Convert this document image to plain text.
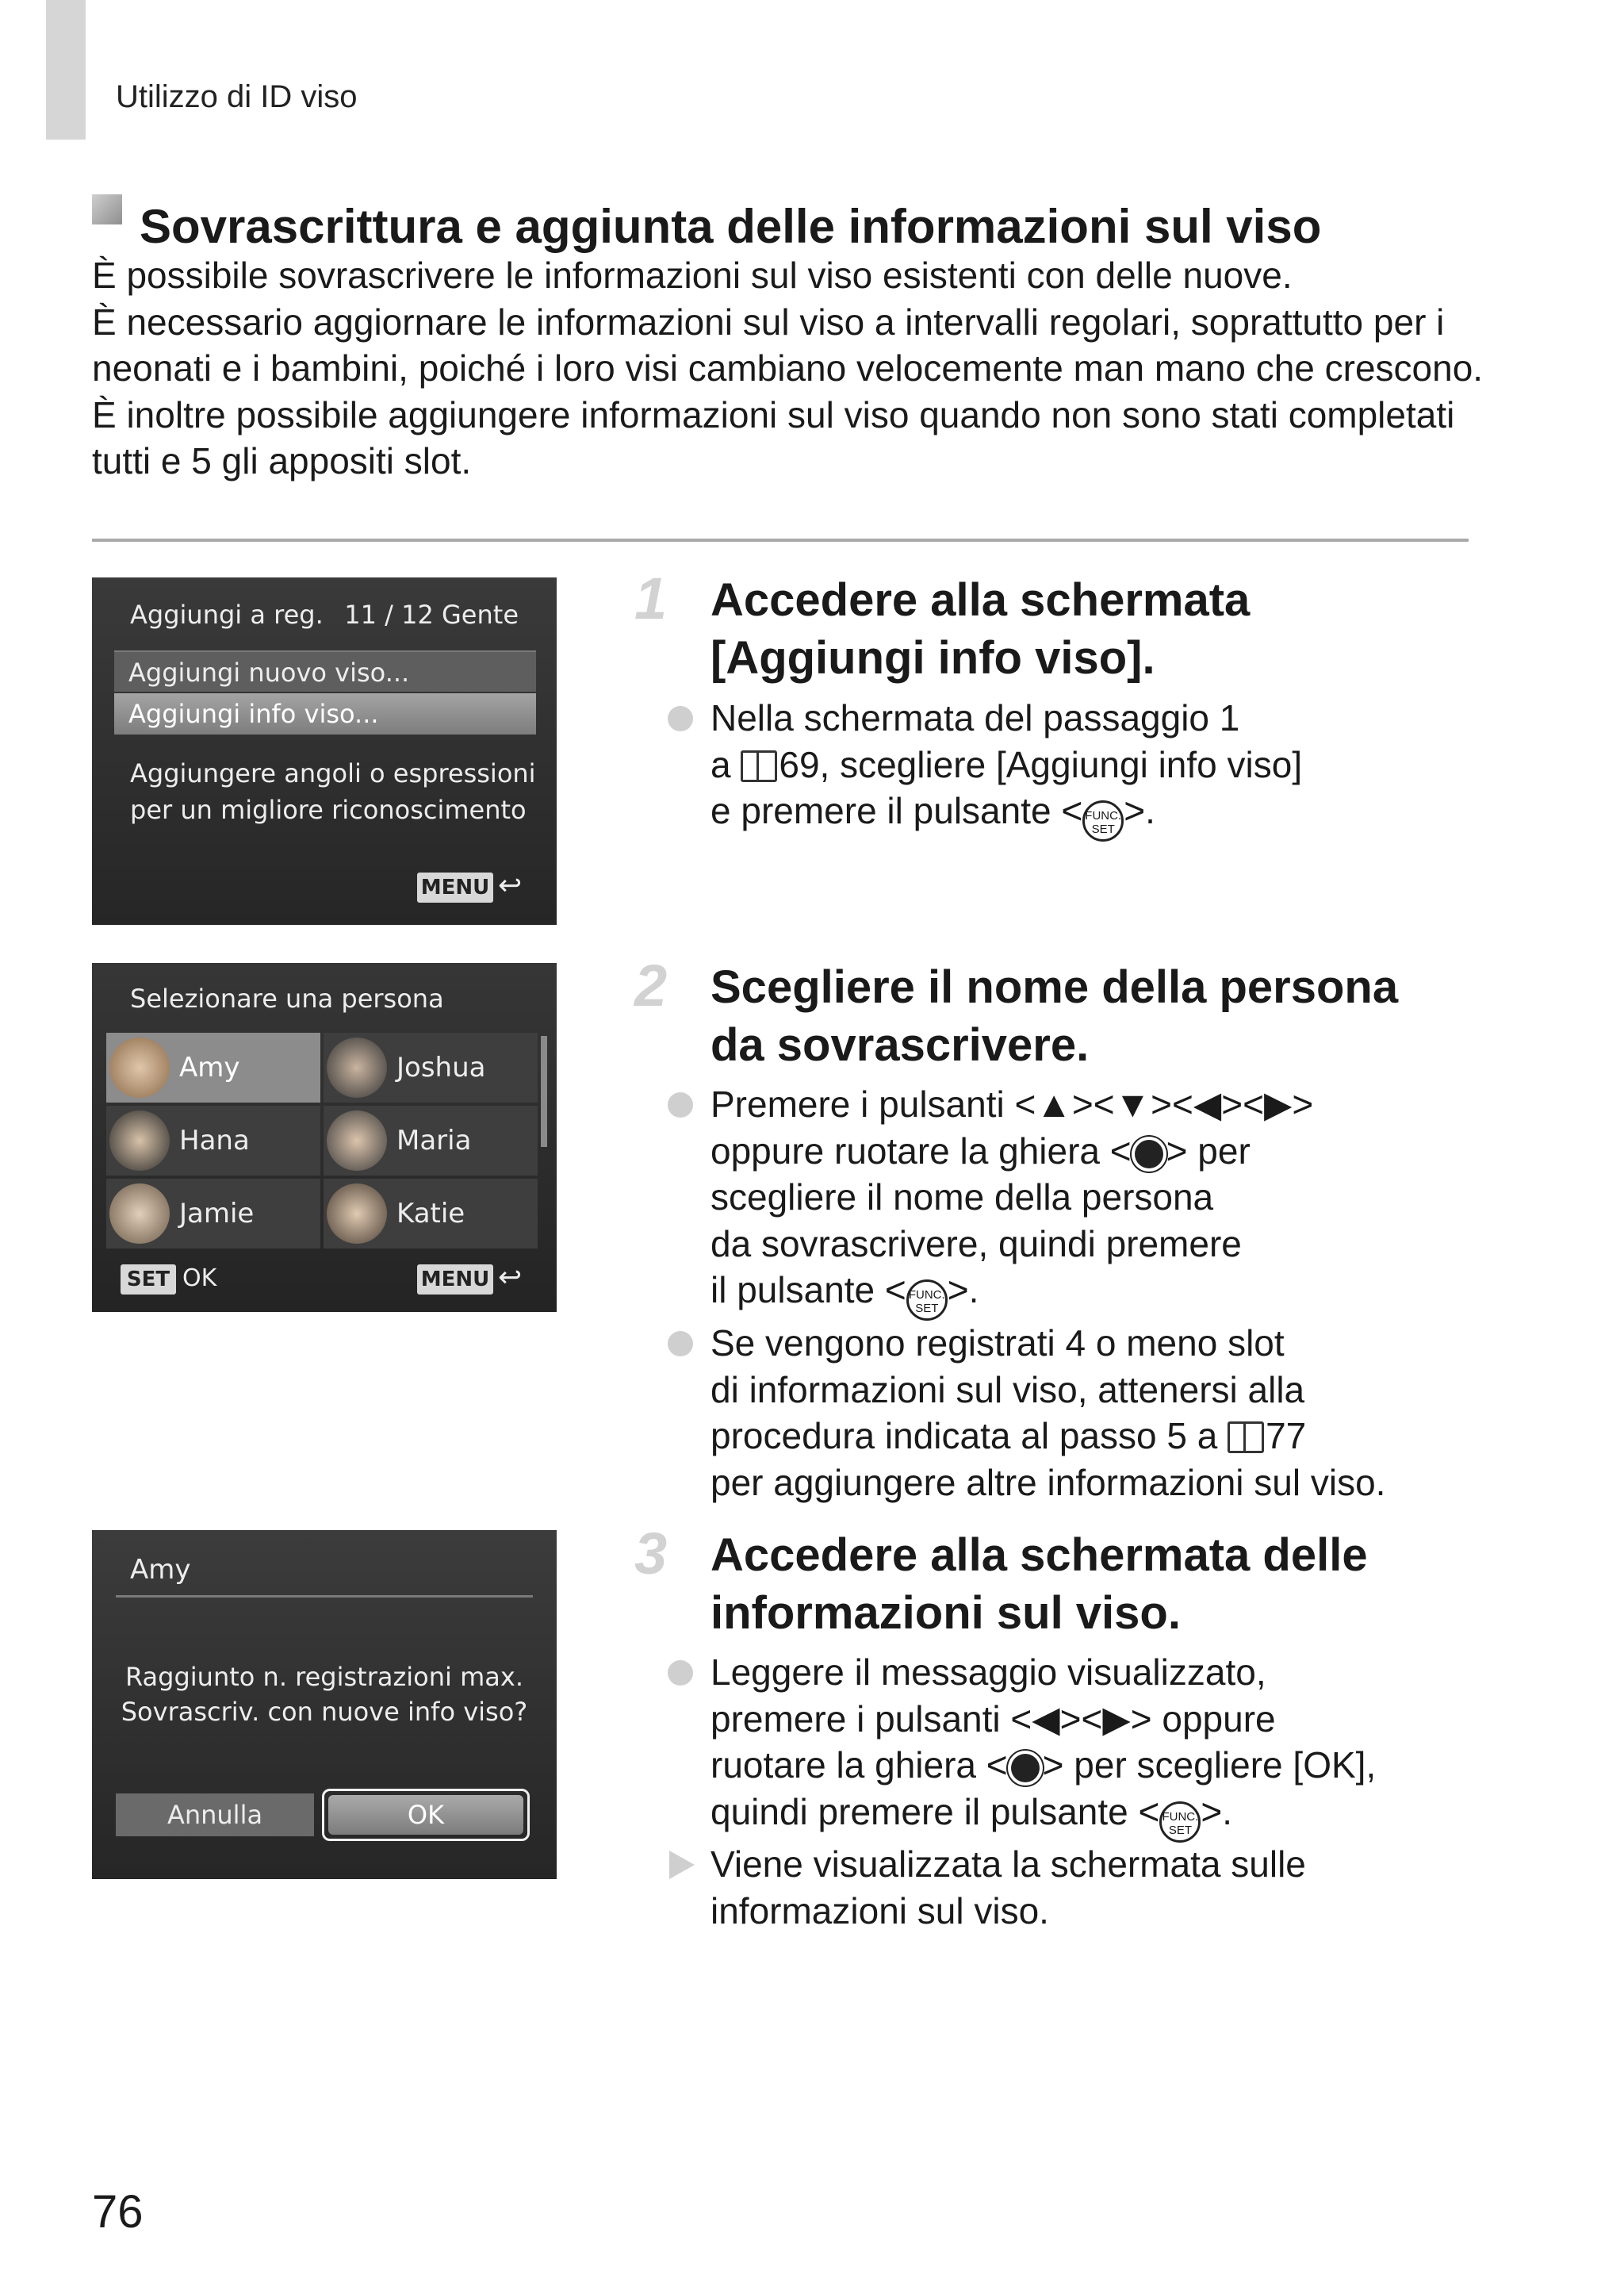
Utilizzo di ID viso
Sovrascrittura e aggiunta delle informazioni sul viso

È possibile sovrascrivere le informazioni sul viso esistenti con delle nuove.

È necessario aggiornare le informazioni sul viso a intervalli regolari, soprattutto per i neonati e i bambini, poiché i loro visi cambiano velocemente man mano che crescono.

È inoltre possibile aggiungere informazioni sul viso quando non sono stati completati tutti e 5 gli appositi slot.

Aggiungi a reg. 11 / 12 Gente
Aggiungi nuovo viso...
Aggiungi info viso...
Aggiungere angoli o espressioni
per un migliore riconoscimento
MENU ↩
Selezionare una persona
Amy	Joshua
Hana	Maria
Jamie	Katie
SET OK	MENU ↩
Amy
Raggiunto n. registrazioni max.
Sovrascriv. con nuove info viso?
Annulla	OK
1 Accedere alla schermata
[Aggiungi info viso].
Nella schermata del passaggio 1
a 69, scegliere [Aggiungi info viso]
e premere il pulsante < FUNC.
SET >.
2 Scegliere il nome della persona
da sovrascrivere.
Premere i pulsanti <▲><▼><◀><▶>
oppure ruotare la ghiera < > per
scegliere il nome della persona
da sovrascrivere, quindi premere
il pulsante < FUNC.
SET >.
Se vengono registrati 4 o meno slot
di informazioni sul viso, attenersi alla
procedura indicata al passo 5 a 77
per aggiungere altre informazioni sul viso.
3 Accedere alla schermata delle
informazioni sul viso.
Leggere il messaggio visualizzato,
premere i pulsanti <◀><▶> oppure
ruotare la ghiera < > per scegliere [OK],
quindi premere il pulsante < FUNC.
SET >.
Viene visualizzata la schermata sulle
informazioni sul viso.
76
